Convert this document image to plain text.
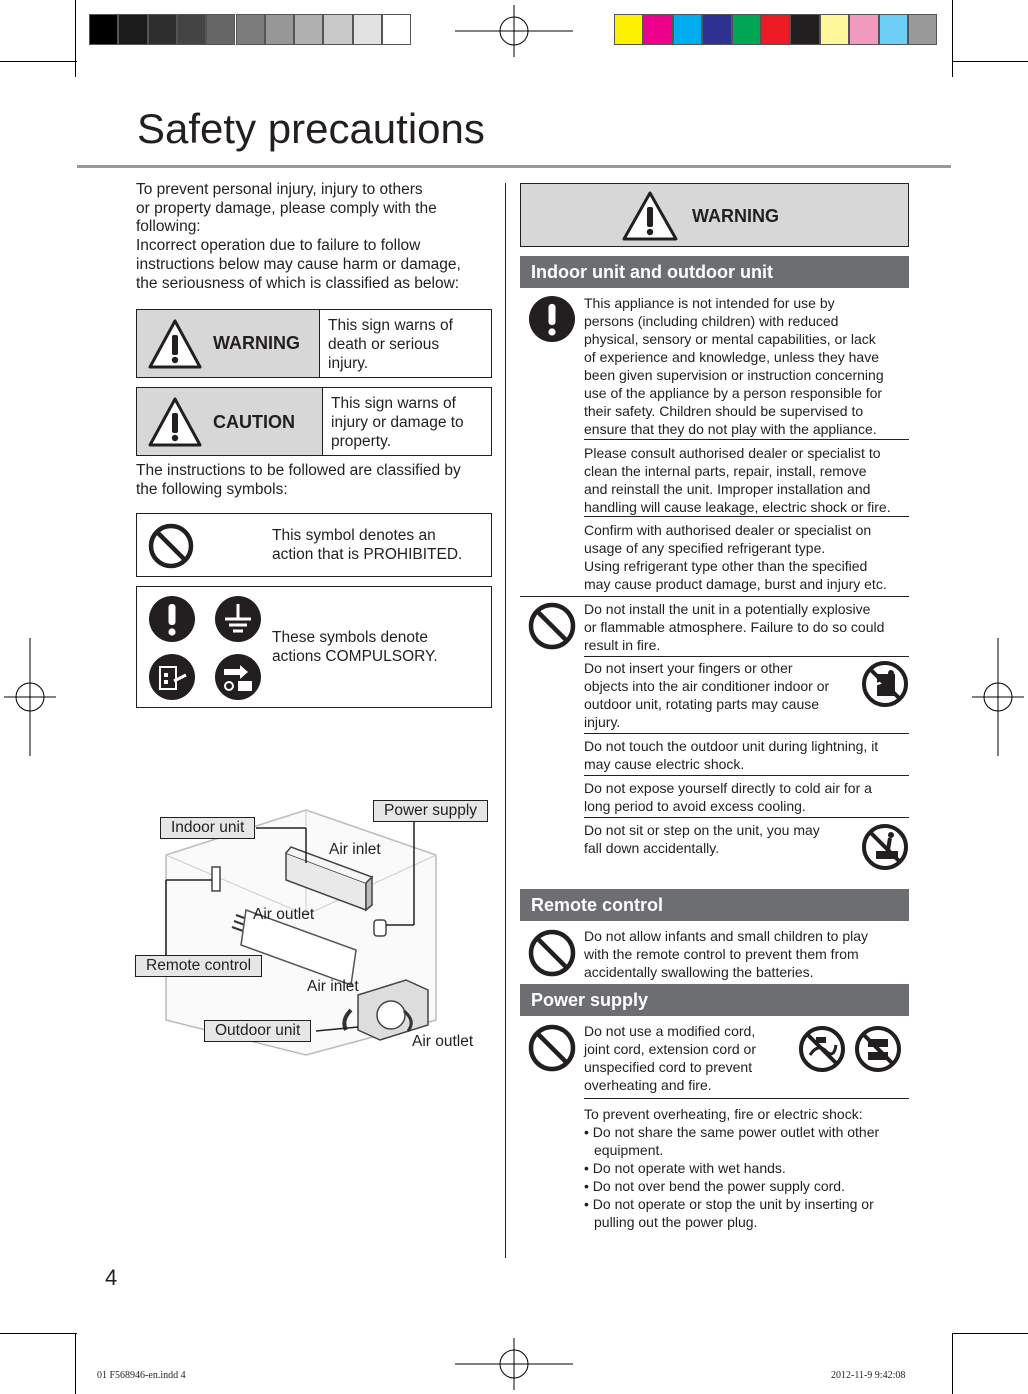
Safety precautions
To prevent personal injury, injury to others
or property damage, please comply with the
following:
Incorrect operation due to failure to follow
instructions below may cause harm or damage,
the seriousness of which is classified as below:
WARNING
This sign warns of
death or serious
injury.
CAUTION
This sign warns of
injury or damage to
property.
The instructions to be followed are classified by
the following symbols:
This symbol denotes an
action that is PROHIBITED.
These symbols denote
actions COMPULSORY.
Indoor unit
Power supply
Air inlet
Air outlet
Remote control
Air inlet
Outdoor unit
Air outlet
WARNING
Indoor unit and outdoor unit
This appliance is not intended for use by
persons (including children) with reduced
physical, sensory or mental capabilities, or lack
of experience and knowledge, unless they have
been given supervision or instruction concerning
use of the appliance by a person responsible for
their safety. Children should be supervised to
ensure that they do not play with the appliance.
Please consult authorised dealer or specialist to
clean the internal parts, repair, install, remove
and reinstall the unit. Improper installation and
handling will cause leakage, electric shock or fire.
Confirm with authorised dealer or specialist on
usage of any specified refrigerant type.
Using refrigerant type other than the specified
may cause product damage, burst and injury etc.
Do not install the unit in a potentially explosive
or flammable atmosphere. Failure to do so could
result in fire.
Do not insert your fingers or other
objects into the air conditioner indoor or
outdoor unit, rotating parts may cause
injury.
Do not touch the outdoor unit during lightning, it
may cause electric shock.
Do not expose yourself directly to cold air for a
long period to avoid excess cooling.
Do not sit or step on the unit, you may
fall down accidentally.
Remote control
Do not allow infants and small children to play
with the remote control to prevent them from
accidentally swallowing the batteries.
Power supply
Do not use a modified cord,
joint cord, extension cord or
unspecified cord to prevent
overheating and fire.
To prevent overheating, fire or electric shock:
• Do not share the same power outlet with other
equipment.
• Do not operate with wet hands.
• Do not over bend the power supply cord.
• Do not operate or stop the unit by inserting or
pulling out the power plug.
4
01 F568946-en.indd 4	2012-11-9 9:42:08
